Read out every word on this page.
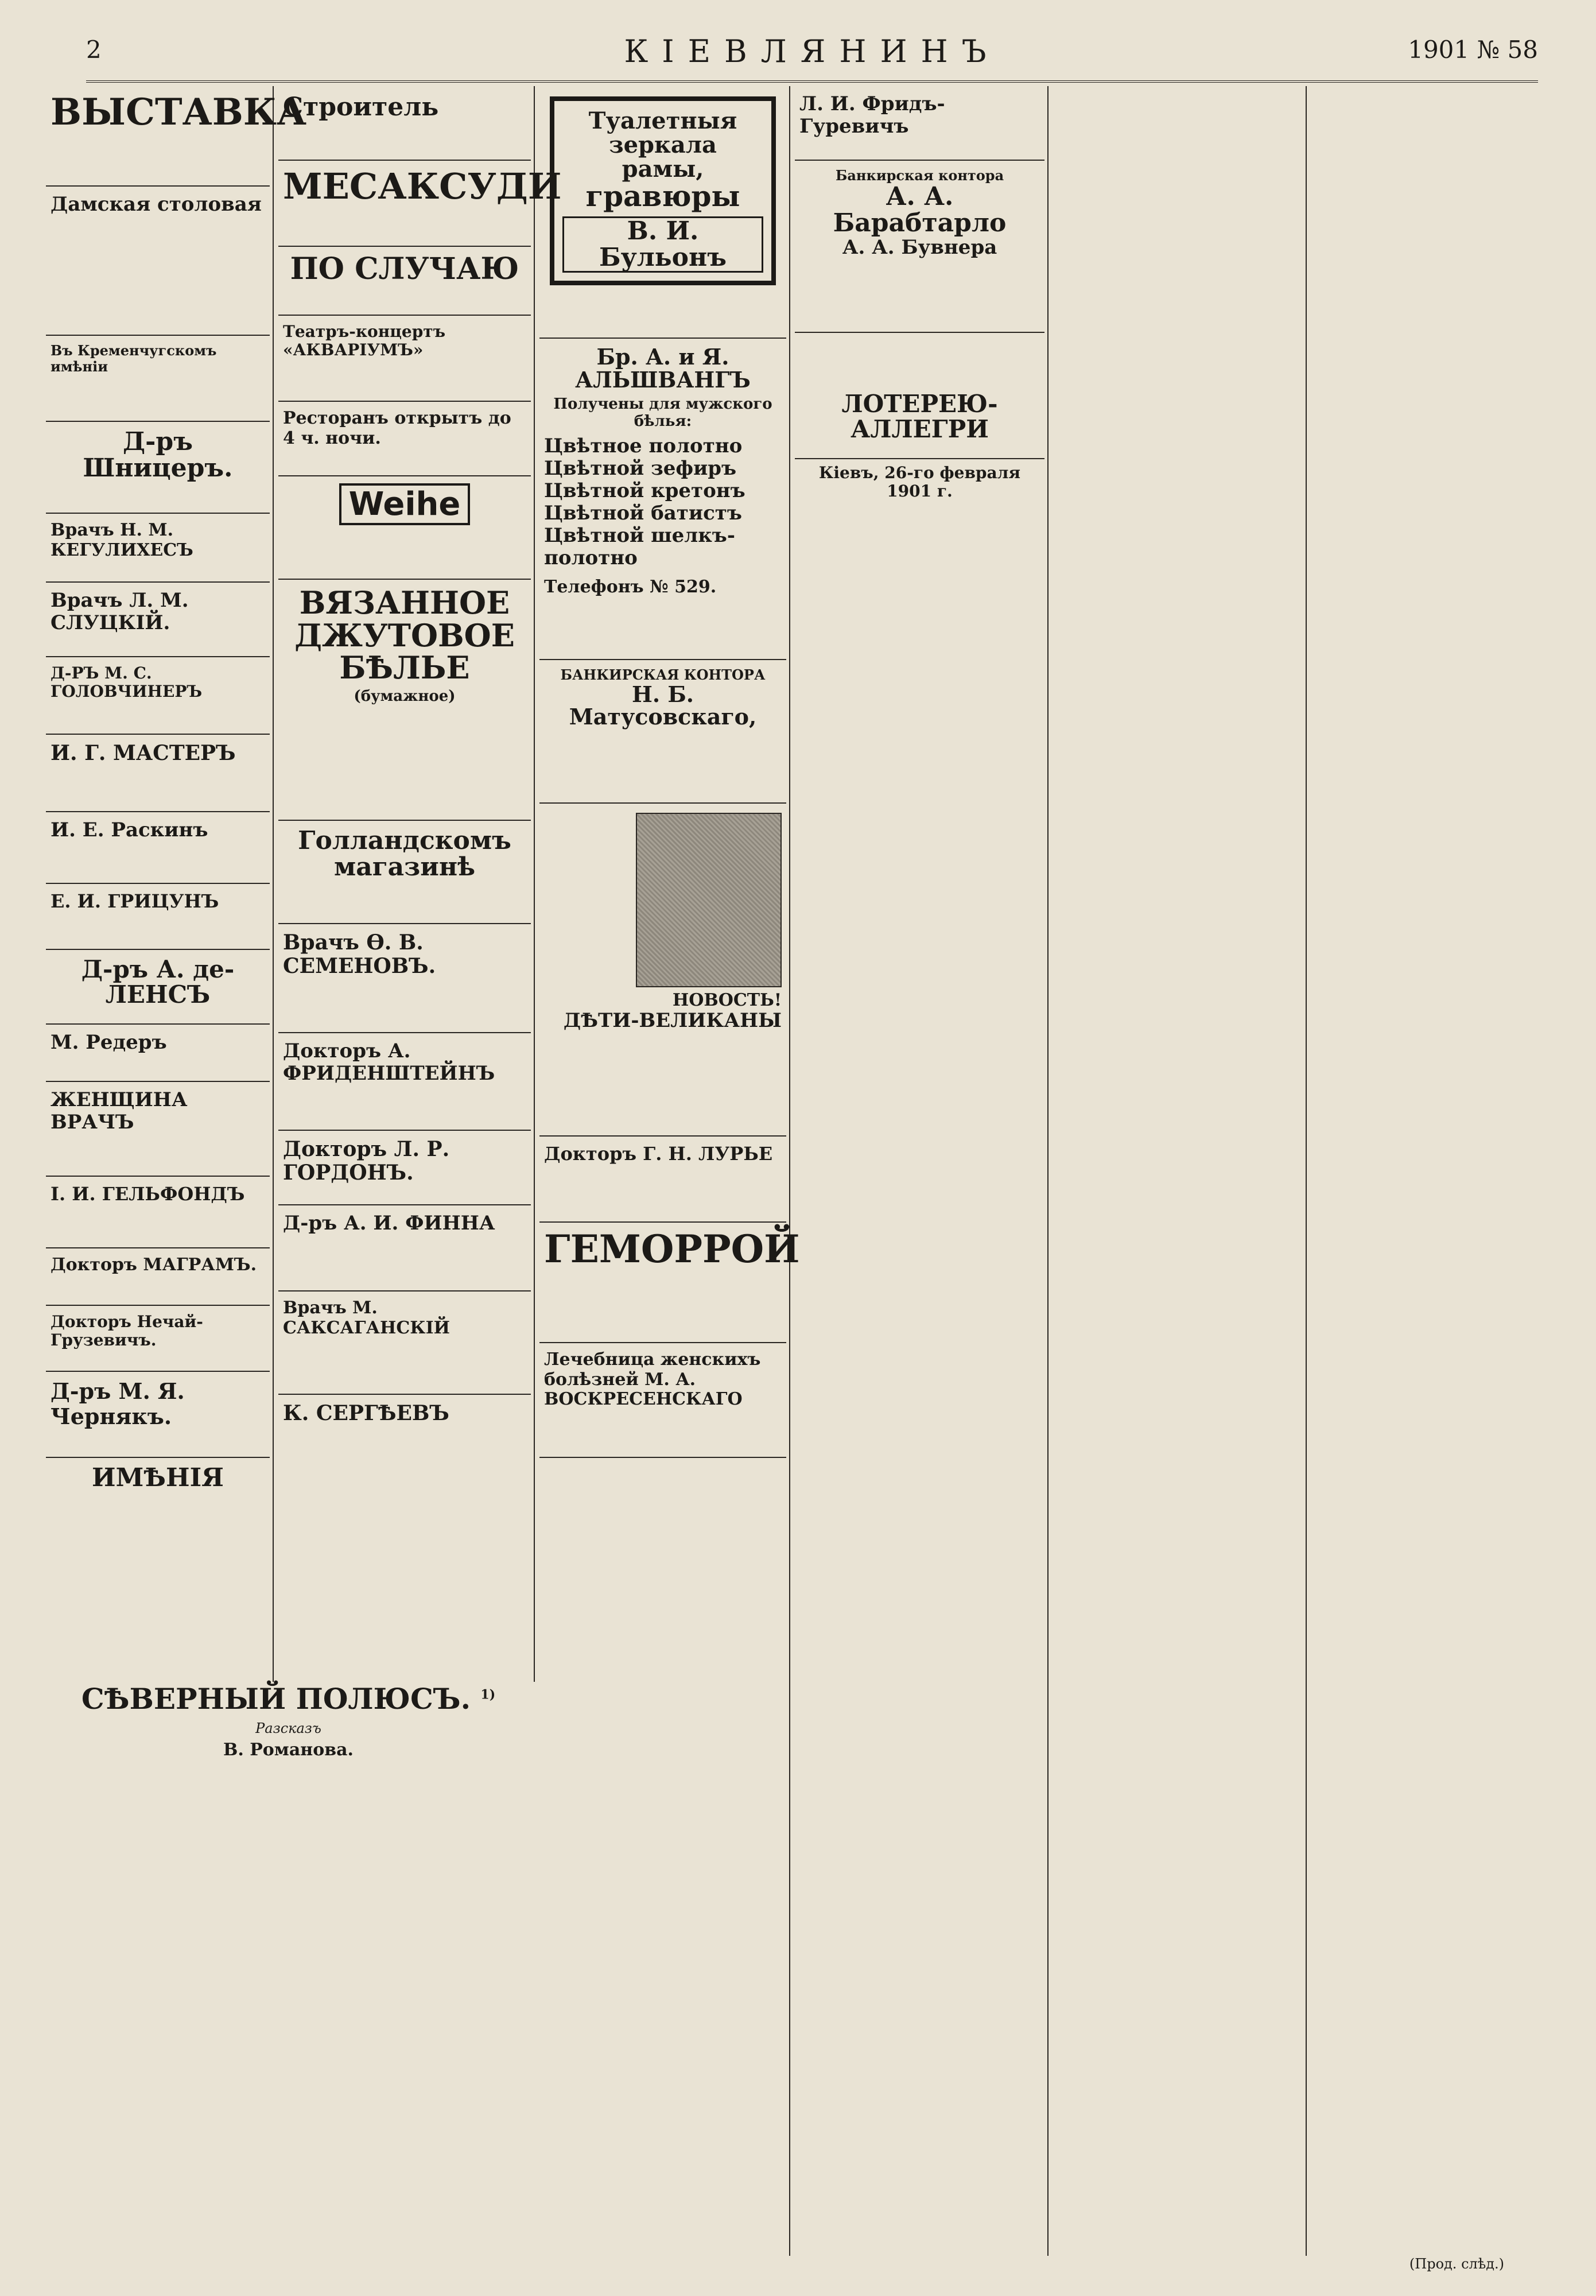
2	КІЕВЛЯНИНЪ	1901 № 58
ВЫСТАВКА
Дамская столовая
Въ Кременчугскомъ имѣніи
Д-ръ Шницеръ.
Врачъ Н. М. КЕГУЛИХЕСЪ
Врачъ Л. М. СЛУЦКІЙ.
Д-РЪ М. С. ГОЛОВЧИНЕРЪ
И. Г. МАСТЕРЪ
И. Е. Раскинъ
Е. И. ГРИЦУНЪ
Д-ръ А. де-ЛЕНСЪ
М. Редеръ
ЖЕНЩИНА ВРАЧЪ
І. И. ГЕЛЬФОНДЪ
Докторъ МАГРАМЪ.
Докторъ Нечай-Грузевичъ.
Д-ръ М. Я. Чернякъ.
ИМѢНІЯ
Строитель
МЕСАКСУДИ
ПО СЛУЧАЮ
Театръ-концертъ «АКВАРІУМЪ»
Ресторанъ открытъ до 4 ч. ночи.
Weihe
ВЯЗАННОЕ ДЖУТОВОЕ БѢЛЬЕ
(бумажное)
Голландскомъ магазинѣ
Врачъ Ѳ. В. СЕМЕНОВЪ.
Докторъ А. ФРИДЕНШТЕЙНЪ
Докторъ Л. Р. ГОРДОНЪ.
Д-ръ А. И. ФИННА
Врачъ М. САКСАГАНСКІЙ
К. СЕРГѢЕВЪ
Туалетныя зеркала
рамы,
гравюры
В. И. Бульонъ
Бр. А. и Я. АЛЬШВАНГЪ
Получены для мужского бѣлья:
Цвѣтное полотно
Цвѣтной зефиръ
Цвѣтной кретонъ
Цвѣтной батистъ
Цвѣтной шелкъ-полотно
Телефонъ № 529.
БАНКИРСКАЯ КОНТОРА
Н. Б. Матусовскаго,
НОВОСТЬ!
ДѢТИ-ВЕЛИКАНЫ
Докторъ Г. Н. ЛУРЬЕ
ГЕМОРРОЙ
Лечебница женскихъ болѣзней М. А. ВОСКРЕСЕНСКАГО
Л. И. Фридъ-Гуревичъ
Банкирская контора
А. А. Барабтарло
А. А. Бувнера
ЛОТЕРЕЮ-АЛЛЕГРИ
Кіевъ, 26-го февраля 1901 г.
СѢВЕРНЫЙ ПОЛЮСЪ. $^{1)}$
Разсказъ
В. Романова.
(Прод. слѣд.)
